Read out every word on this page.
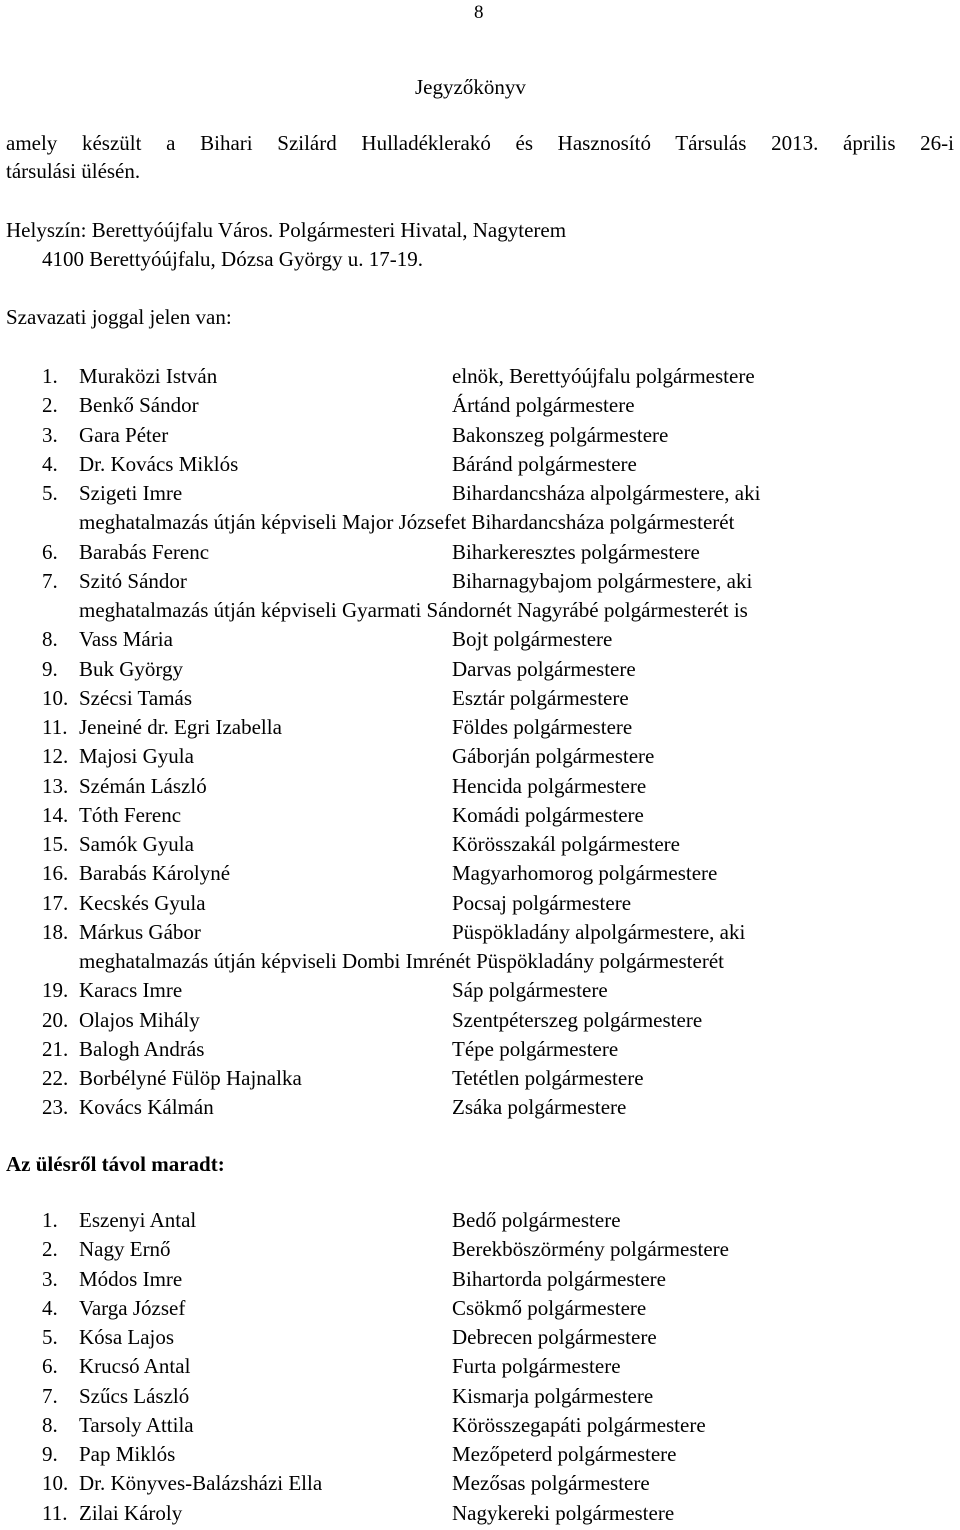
8
Jegyzőkönyv
amely készült a Bihari Szilárd Hulladéklerakó és Hasznosító Társulás 2013. április 26-i
társulási ülésén.
Helyszín: Berettyóújfalu Város. Polgármesteri Hivatal, Nagyterem
4100 Berettyóújfalu, Dózsa György u. 17-19.
Szavazati joggal jelen van:
1. Muraközi István	elnök, Berettyóújfalu polgármestere
2. Benkő Sándor	Ártánd polgármestere
3. Gara Péter	Bakonszeg polgármestere
4. Dr. Kovács Miklós	Báránd polgármestere
5. Szigeti Imre	Bihardancsháza alpolgármestere, aki
meghatalmazás útján képviseli Major Józsefet Bihardancsháza polgármesterét
6. Barabás Ferenc	Biharkeresztes polgármestere
7. Szitó Sándor	Biharnagybajom polgármestere, aki
meghatalmazás útján képviseli Gyarmati Sándornét Nagyrábé polgármesterét is
8. Vass Mária	Bojt polgármestere
9. Buk György	Darvas polgármestere
10. Szécsi Tamás	Esztár polgármestere
11. Jeneiné dr. Egri Izabella	Földes polgármestere
12. Majosi Gyula	Gáborján polgármestere
13. Szémán László	Hencida polgármestere
14. Tóth Ferenc	Komádi polgármestere
15. Samók Gyula	Körösszakál polgármestere
16. Barabás Károlyné	Magyarhomorog polgármestere
17. Kecskés Gyula	Pocsaj polgármestere
18. Márkus Gábor	Püspökladány alpolgármestere, aki
meghatalmazás útján képviseli Dombi Imrénét Püspökladány polgármesterét
19. Karacs Imre	Sáp polgármestere
20. Olajos Mihály	Szentpéterszeg polgármestere
21. Balogh András	Tépe polgármestere
22. Borbélyné Fülöp Hajnalka	Tetétlen polgármestere
23. Kovács Kálmán	Zsáka polgármestere
Az ülésről távol maradt:
1. Eszenyi Antal	Bedő polgármestere
2. Nagy Ernő	Berekböszörmény polgármestere
3. Módos Imre	Bihartorda polgármestere
4. Varga József	Csökmő polgármestere
5. Kósa Lajos	Debrecen polgármestere
6. Krucsó Antal	Furta polgármestere
7. Szűcs László	Kismarja polgármestere
8. Tarsoly Attila	Körösszegapáti polgármestere
9. Pap Miklós	Mezőpeterd polgármestere
10. Dr. Könyves-Balázsházi Ella	Mezősas polgármestere
11. Zilai Károly	Nagykereki polgármestere
